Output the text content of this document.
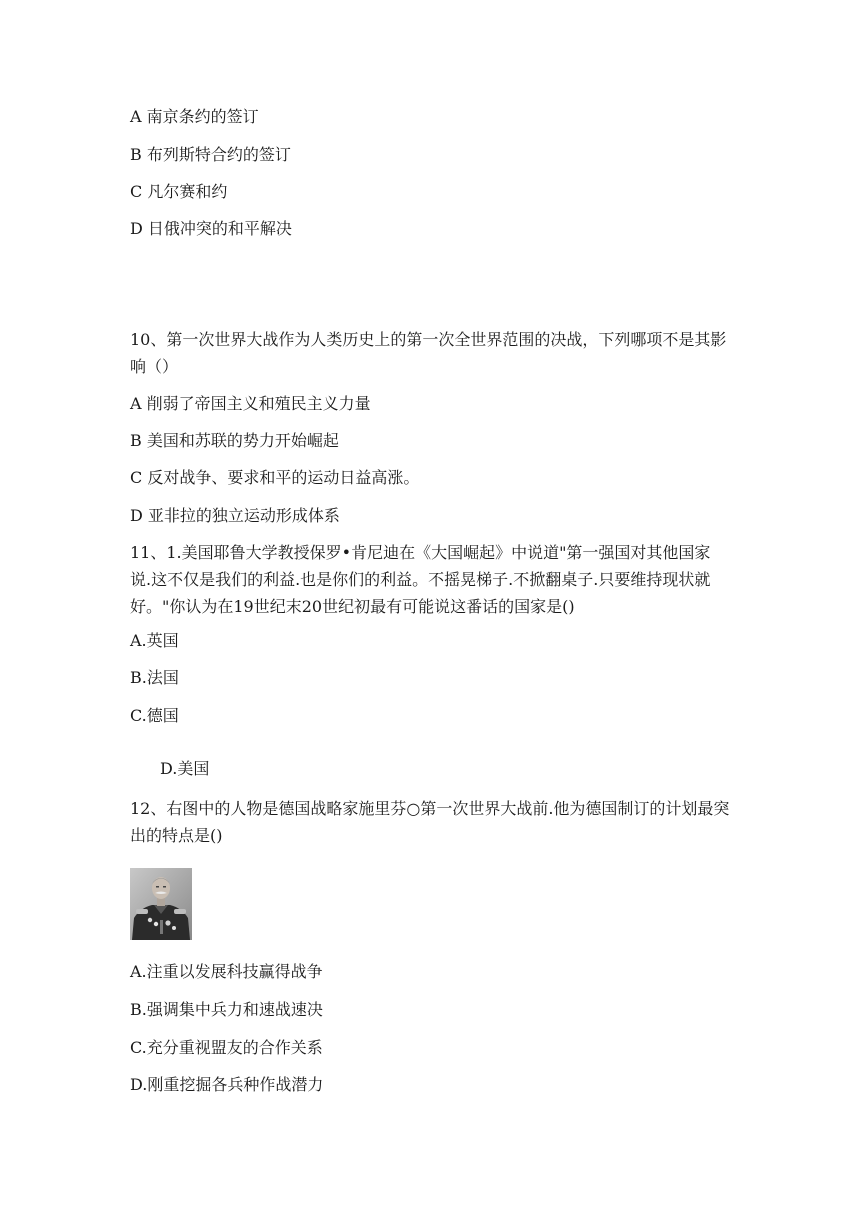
A 南京条约的签订
B 布列斯特合约的签订
C 凡尔赛和约
D 日俄冲突的和平解决
10、第一次世界大战作为人类历史上的第一次全世界范围的决战，下列哪项不是其影响（）
A 削弱了帝国主义和殖民主义力量
B 美国和苏联的势力开始崛起
C 反对战争、要求和平的运动日益高涨。
D 亚非拉的独立运动形成体系
11、1.美国耶鲁大学教授保罗•肯尼迪在《大国崛起》中说道"第一强国对其他国家说.这不仅是我们的利益.也是你们的利益。不摇晃梯子.不掀翻桌子.只要维持现状就好。"你认为在19世纪末20世纪初最有可能说这番话的国家是()
A.英国
B.法国
C.德国
D.美国
12、右图中的人物是德国战略家施里芬○第一次世界大战前.他为德国制订的计划最突出的特点是()
A.注重以发展科技赢得战争
B.强调集中兵力和速战速决
C.充分重视盟友的合作关系
D.刚重挖掘各兵种作战潜力
